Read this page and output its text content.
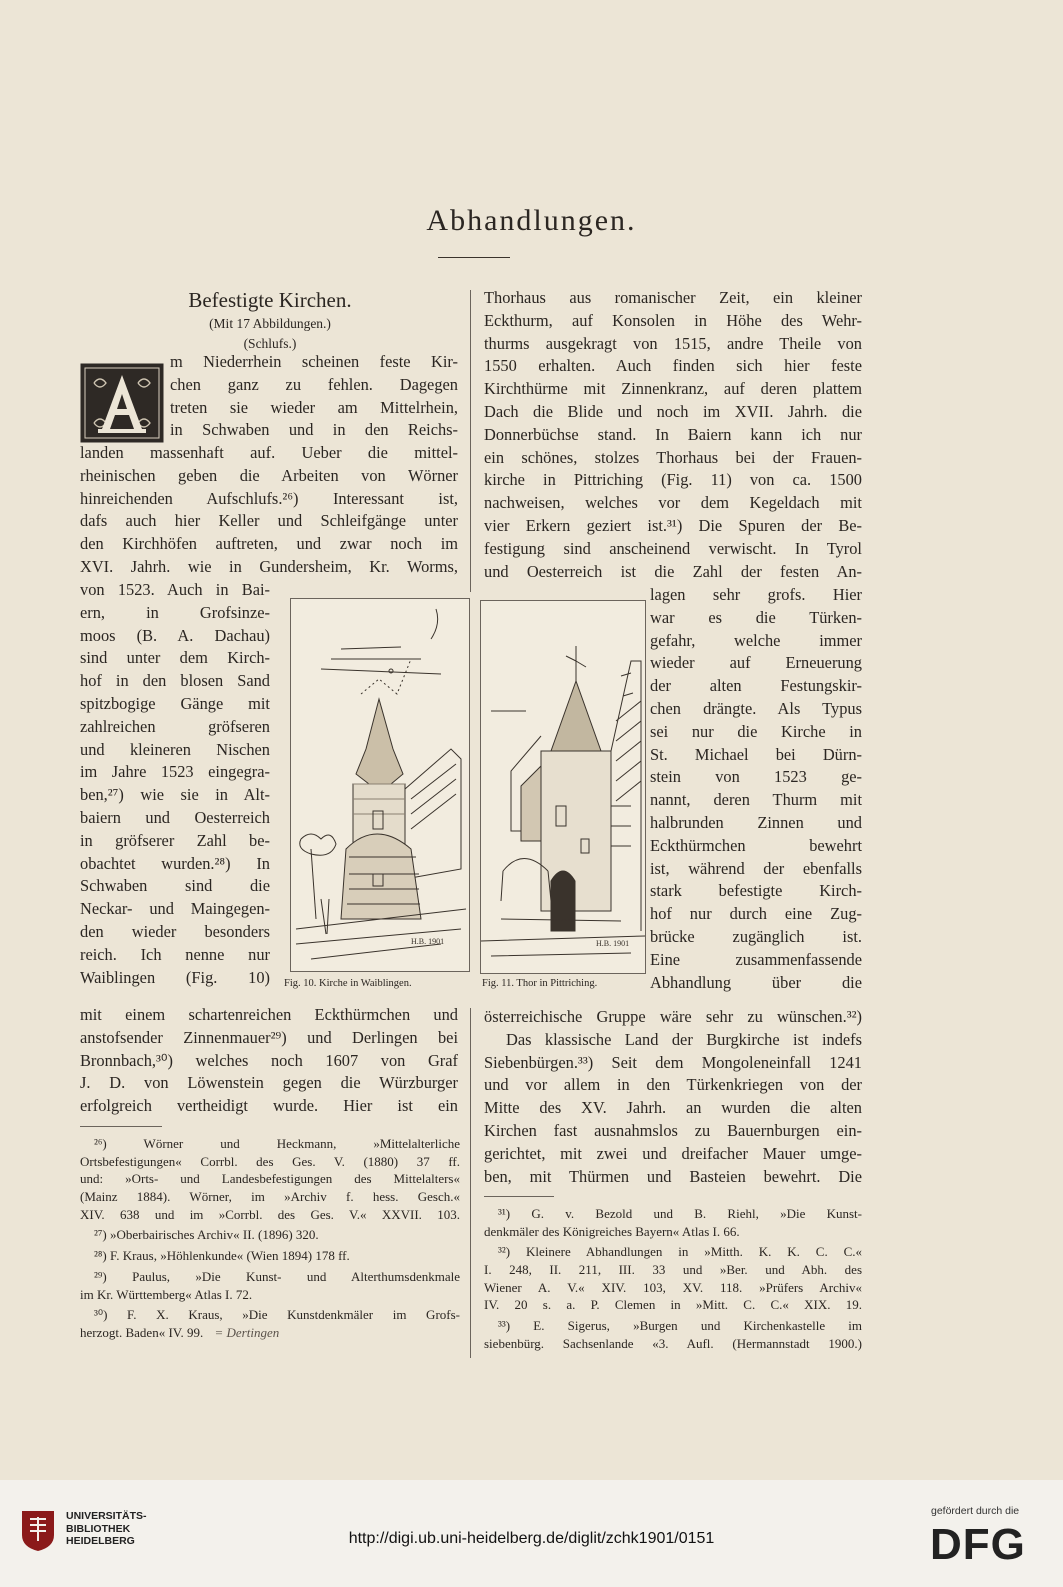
Abhandlungen.
Befestigte Kirchen.
(Mit 17 Abbildungen.)
(Schlufs.)
m Niederrhein scheinen feste Kir-
chen ganz zu fehlen. Dagegen
treten sie wieder am Mittelrhein,
in Schwaben und in den Reichs-
landen massenhaft auf. Ueber die mittel-
rheinischen geben die Arbeiten von Wörner
hinreichenden Aufschlufs.²⁶) Interessant ist,
dafs auch hier Keller und Schleifgänge unter
den Kirchhöfen auftreten, und zwar noch im
XVI. Jahrh. wie in Gundersheim, Kr. Worms,
von 1523. Auch in Bai-
ern, in Grofsinze-
moos (B. A. Dachau)
sind unter dem Kirch-
hof in den blosen Sand
spitzbogige Gänge mit
zahlreichen gröfseren
und kleineren Nischen
im Jahre 1523 eingegra-
ben,²⁷) wie sie in Alt-
baiern und Oesterreich
in gröfserer Zahl be-
obachtet wurden.²⁸) In
Schwaben sind die
Neckar- und Maingegen-
den wieder besonders
reich. Ich nenne nur
Waiblingen (Fig. 10)
mit einem schartenreichen Eckthürmchen und
anstofsender Zinnenmauer²⁹) und Derlingen bei
Bronnbach,³⁰) welches noch 1607 von Graf
J. D. von Löwenstein gegen die Würzburger
erfolgreich vertheidigt wurde. Hier ist ein
Thorhaus aus romanischer Zeit, ein kleiner
Eckthurm, auf Konsolen in Höhe des Wehr-
thurms ausgekragt von 1515, andre Theile von
1550 erhalten. Auch finden sich hier feste
Kirchthürme mit Zinnenkranz, auf deren plattem
Dach die Blide und noch im XVII. Jahrh. die
Donnerbüchse stand. In Baiern kann ich nur
ein schönes, stolzes Thorhaus bei der Frauen-
kirche in Pittriching (Fig. 11) von ca. 1500
nachweisen, welches vor dem Kegeldach mit
vier Erkern geziert ist.³¹) Die Spuren der Be-
festigung sind anscheinend verwischt. In Tyrol
und Oesterreich ist die Zahl der festen An-
lagen sehr grofs. Hier
war es die Türken-
gefahr, welche immer
wieder auf Erneuerung
der alten Festungskir-
chen drängte. Als Typus
sei nur die Kirche in
St. Michael bei Dürn-
stein von 1523 ge-
nannt, deren Thurm mit
halbrunden Zinnen und
Eckthürmchen bewehrt
ist, während der ebenfalls
stark befestigte Kirch-
hof nur durch eine Zug-
brücke zugänglich ist.
Eine zusammenfassende
Abhandlung über die
österreichische Gruppe wäre sehr zu wünschen.³²)
Das klassische Land der Burgkirche ist indefs
Siebenbürgen.³³) Seit dem Mongoleneinfall 1241
und vor allem in den Türkenkriegen von der
Mitte des XV. Jahrh. an wurden die alten
Kirchen fast ausnahmslos zu Bauernburgen ein-
gerichtet, mit zwei und dreifacher Mauer umge-
ben, mit Thürmen und Basteien bewehrt. Die
H.B. 1901
Fig. 10. Kirche in Waiblingen.
H.B. 1901
Fig. 11. Thor in Pittriching.
²⁶) Wörner und Heckmann, »Mittelalterliche
Ortsbefestigungen« Corrbl. des Ges. V. (1880) 37 ff.
und: »Orts- und Landesbefestigungen des Mittelalters«
(Mainz 1884). Wörner, im »Archiv f. hess. Gesch.«
XIV. 638 und im »Corrbl. des Ges. V.« XXVII. 103.
²⁷) »Oberbairisches Archiv« II. (1896) 320.
²⁸) F. Kraus, »Höhlenkunde« (Wien 1894) 178 ff.
²⁹) Paulus, »Die Kunst- und Alterthumsdenkmale
im Kr. Württemberg« Atlas I. 72.
³⁰) F. X. Kraus, »Die Kunstdenkmäler im Grofs-
herzogt. Baden« IV. 99. = Dertingen
³¹) G. v. Bezold und B. Riehl, »Die Kunst-
denkmäler des Königreiches Bayern« Atlas I. 66.
³²) Kleinere Abhandlungen in »Mitth. K. K. C. C.«
I. 248, II. 211, III. 33 und »Ber. und Abh. des
Wiener A. V.« XIV. 103, XV. 118. »Prüfers Archiv«
IV. 20 s. a. P. Clemen in »Mitt. C. C.« XIX. 19.
³³) E. Sigerus, »Burgen und Kirchenkastelle im
siebenbürg. Sachsenlande «3. Aufl. (Hermannstadt 1900.)
UNIVERSITÄTS-
BIBLIOTHEK
HEIDELBERG	http://digi.ub.uni-heidelberg.de/diglit/zchk1901/0151
gefördert durch die
DFG
